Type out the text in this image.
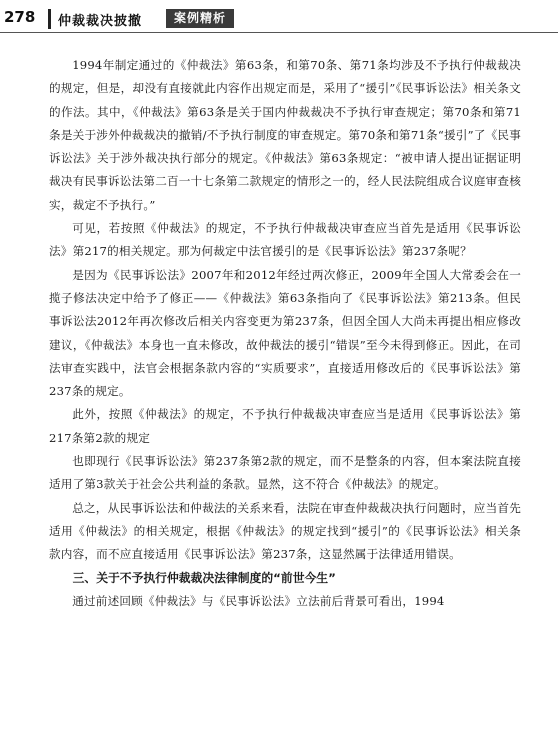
278 仲裁裁决披撤	案例精析

1994年制定通过的《仲裁法》第63条，和第70条、第71条均涉及不予执行仲裁裁决的规定，但是，却没有直接就此内容作出规定而是，采用了“援引”《民事诉讼法》相关条文的作法。其中，《仲裁法》第63条是关于国内仲裁裁决不予执行审查规定；第70条和第71条是关于涉外仲裁裁决的撤销/不予执行制度的审查规定。第70条和第71条“援引”了《民事诉讼法》关于涉外裁决执行部分的规定。《仲裁法》第63条规定：“被申请人提出证据证明裁决有民事诉讼法第二百一十七条第二款规定的情形之一的，经人民法院组成合议庭审查核实，裁定不予执行。”

可见，若按照《仲裁法》的规定，不予执行仲裁裁决审查应当首先是适用《民事诉讼法》第217的相关规定。那为何裁定中法官援引的是《民事诉讼法》第237条呢？

是因为《民事诉讼法》2007年和2012年经过两次修正，2009年全国人大常委会在一揽子修法决定中给予了修正——《仲裁法》第63条指向了《民事诉讼法》第213条。但民事诉讼法2012年再次修改后相关内容变更为第237条，但因全国人大尚未再提出相应修改建议，《仲裁法》本身也一直未修改，故仲裁法的援引“错误”至今未得到修正。因此，在司法审查实践中，法官会根据条款内容的“实质要求”，直接适用修改后的《民事诉讼法》第237条的规定。

此外，按照《仲裁法》的规定，不予执行仲裁裁决审查应当是适用《民事诉讼法》第217条第2款的规定

也即现行《民事诉讼法》第237条第2款的规定，而不是整条的内容，但本案法院直接适用了第3款关于社会公共利益的条款。显然，这不符合《仲裁法》的规定。

总之，从民事诉讼法和仲裁法的关系来看，法院在审查仲裁裁决执行问题时，应当首先适用《仲裁法》的相关规定，根据《仲裁法》的规定找到“援引”的《民事诉讼法》相关条款内容，而不应直接适用《民事诉讼法》第237条，这显然属于法律适用错误。

三、关于不予执行仲裁裁决法律制度的“前世今生”

通过前述回顾《仲裁法》与《民事诉讼法》立法前后背景可看出，1994
